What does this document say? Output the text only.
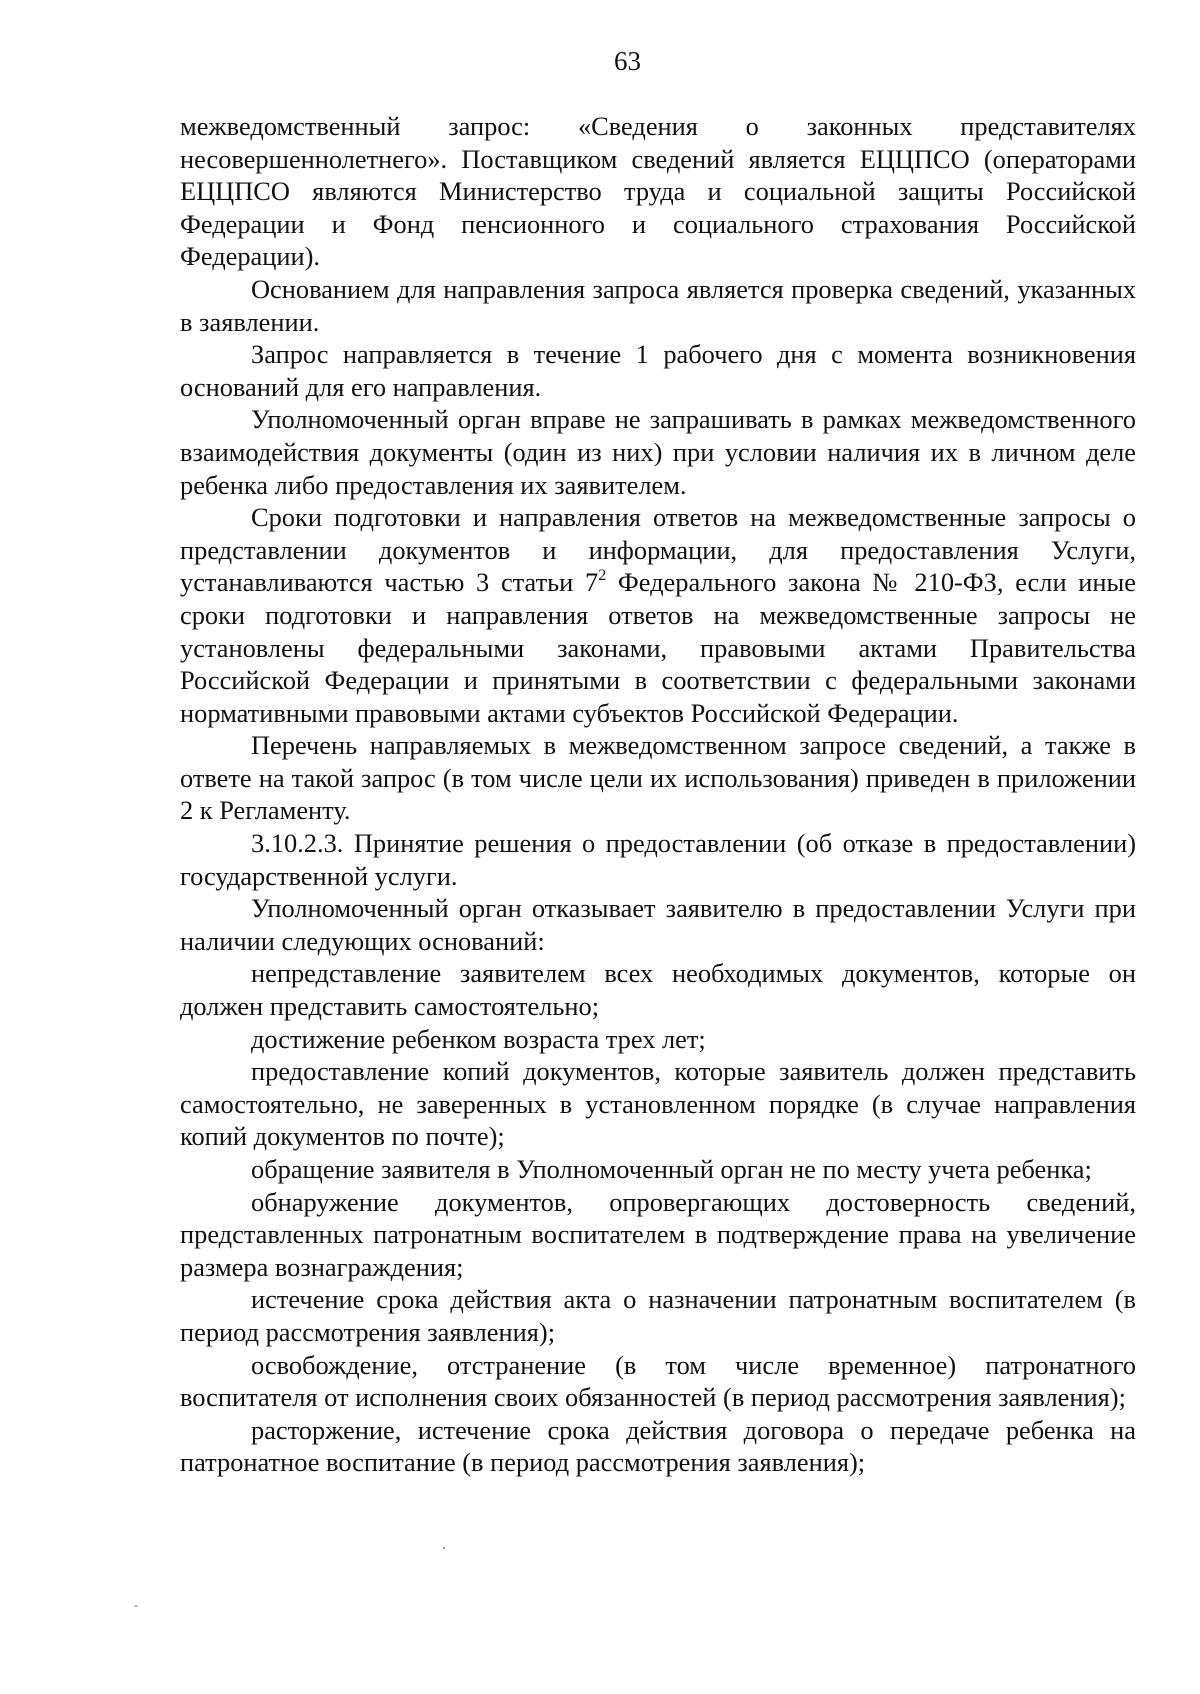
63

межведомственный запрос: «Сведения о законных представителях несовершеннолетнего». Поставщиком сведений является ЕЦЦПСО (операторами ЕЦЦПСО являются Министерство труда и социальной защиты Российской Федерации и Фонд пенсионного и социального страхования Российской Федерации).

Основанием для направления запроса является проверка сведений, указанных в заявлении.

Запрос направляется в течение 1 рабочего дня с момента возникновения оснований для его направления.

Уполномоченный орган вправе не запрашивать в рамках межведомственного взаимодействия документы (один из них) при условии наличия их в личном деле ребенка либо предоставления их заявителем.

Сроки подготовки и направления ответов на межведомственные запросы о представлении документов и информации, для предоставления Услуги, устанавливаются частью 3 статьи $7^2$ Федерального закона № 210-ФЗ, если иные сроки подготовки и направления ответов на межведомственные запросы не установлены федеральными законами, правовыми актами Правительства Российской Федерации и принятыми в соответствии с федеральными законами нормативными правовыми актами субъектов Российской Федерации.

Перечень направляемых в межведомственном запросе сведений, а также в ответе на такой запрос (в том числе цели их использования) приведен в приложении 2 к Регламенту.

3.10.2.3. Принятие решения о предоставлении (об отказе в предоставлении) государственной услуги.

Уполномоченный орган отказывает заявителю в предоставлении Услуги при наличии следующих оснований:

непредставление заявителем всех необходимых документов, которые он должен представить самостоятельно;

достижение ребенком возраста трех лет;

предоставление копий документов, которые заявитель должен представить самостоятельно, не заверенных в установленном порядке (в случае направления копий документов по почте);

обращение заявителя в Уполномоченный орган не по месту учета ребенка;

обнаружение документов, опровергающих достоверность сведений, представленных патронатным воспитателем в подтверждение права на увеличение размера вознаграждения;

истечение срока действия акта о назначении патронатным воспитателем (в период рассмотрения заявления);

освобождение, отстранение (в том числе временное) патронатного воспитателя от исполнения своих обязанностей (в период рассмотрения заявления);

расторжение, истечение срока действия договора о передаче ребенка на патронатное воспитание (в период рассмотрения заявления);
